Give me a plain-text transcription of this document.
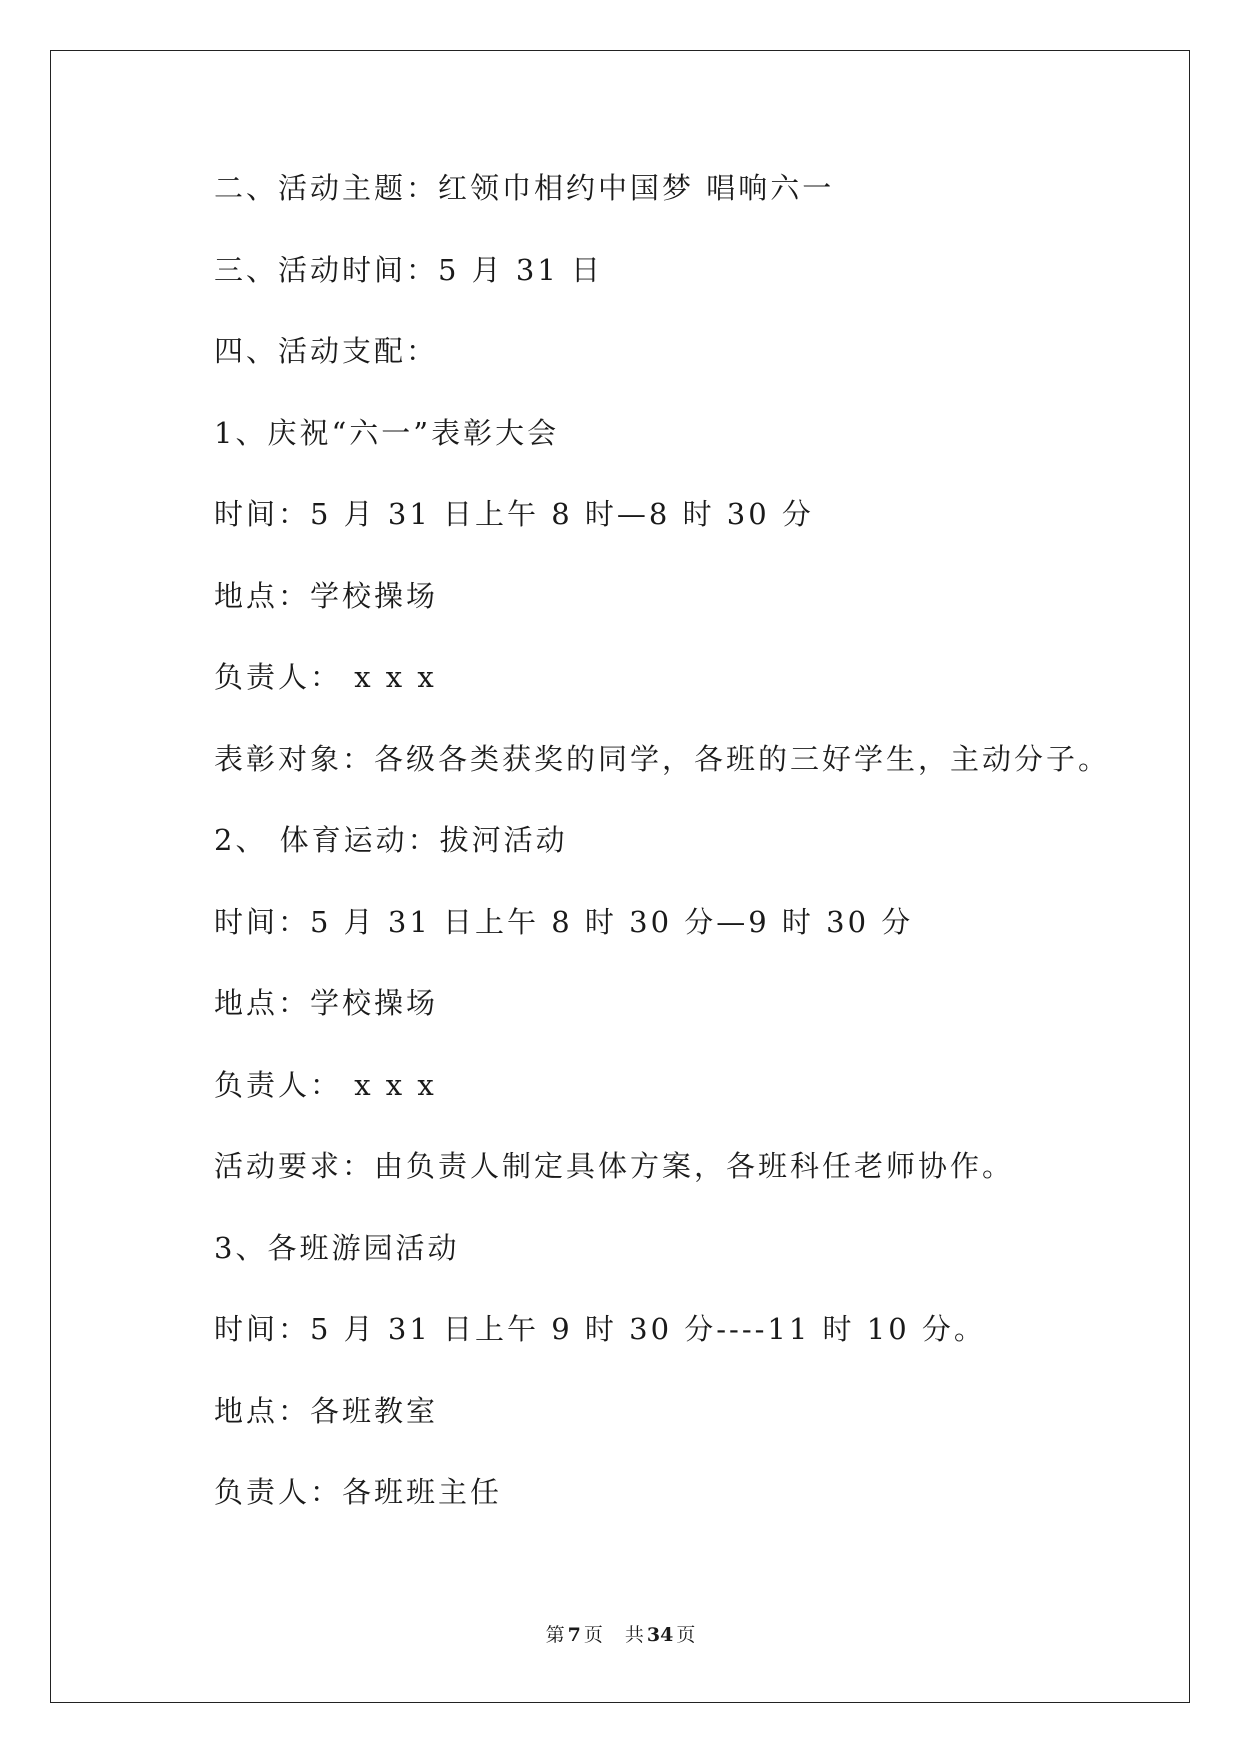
二、活动主题：红领巾相约中国梦 唱响六一
三、活动时间：5 月 31 日
四、活动支配：
1、庆祝“六一”表彰大会
时间：5 月 31 日上午 8 时—8 时 30 分
地点：学校操场
负责人： x x x
表彰对象：各级各类获奖的同学，各班的三好学生，主动分子。
2、 体育运动：拔河活动
时间：5 月 31 日上午 8 时 30 分—9 时 30 分
地点：学校操场
负责人： x x x
活动要求：由负责人制定具体方案，各班科任老师协作。
3、各班游园活动
时间：5 月 31 日上午 9 时 30 分----11 时 10 分。
地点：各班教室
负责人：各班班主任
第 7 页 共 34 页
